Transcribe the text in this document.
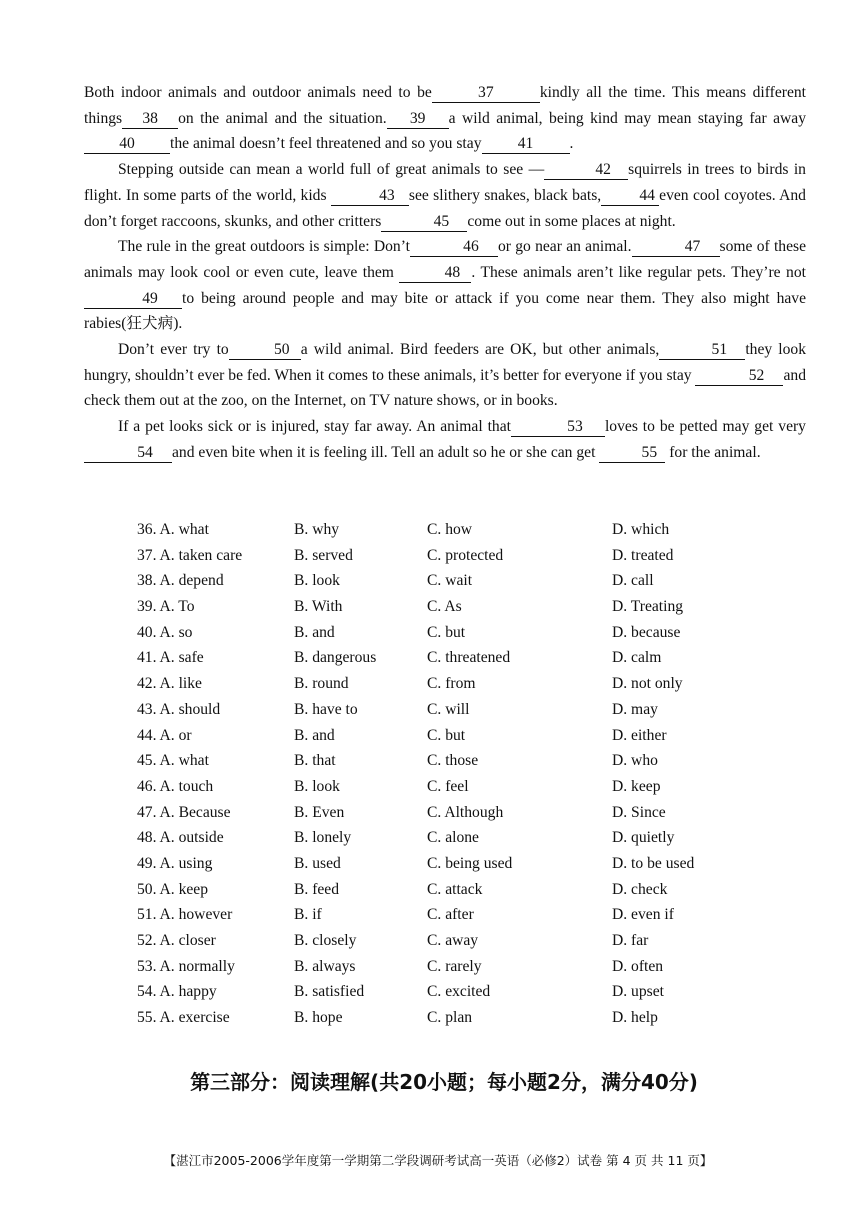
Both indoor animals and outdoor animals need to be	37	kindly all the time. This means different things 38 on the animal and the situation. 39 a wild animal, being kind may mean staying far away40 the animal doesn’t feel threatened and so you stay 41 .

Stepping outside can mean a world full of great animals to see —	42 squirrels in trees to birds in flight. In some parts of the world, kids	43 see slithery snakes, black bats, 44 even cool coyotes. And don’t forget raccoons, skunks, and other critters	45 come out in some places at night.

The rule in the great outdoors is simple: Don’t	46 or go near an animal.	47 some of these animals may look cool or even cute, leave them	48 . These animals aren’t like regular pets. They’re not49 to being around people and may bite or attack if you come near them. They also might have rabies(狂犬病).

Don’t ever try to	50 a wild animal. Bird feeders are OK, but other animals,	51 they look hungry, shouldn’t ever be fed. When it comes to these animals, it’s better for everyone if you stay	52 and check them out at the zoo, on the Internet, on TV nature shows, or in books.

If a pet looks sick or is injured, stay far away. An animal that	53 loves to be petted may get very54 and even bite when it is feeling ill. Tell an adult so he or she can get	55 for the animal.

36. A. what	B. why	C. how	D. which
37. A. taken care	B. served	C. protected	D. treated
38. A. depend	B. look	C. wait	D. call
39. A. To	B. With	C. As	D. Treating
40. A. so	B. and	C. but	D. because
41. A. safe	B. dangerous	C. threatened	D. calm
42. A. like	B. round	C. from	D. not only
43. A. should	B. have to	C. will	D. may
44. A. or	B. and	C. but	D. either
45. A. what	B. that	C. those	D. who
46. A. touch	B. look	C. feel	D. keep
47. A. Because	B. Even	C. Although	D. Since
48. A. outside	B. lonely	C. alone	D. quietly
49. A. using	B. used	C. being used	D. to be used
50. A. keep	B. feed	C. attack	D. check
51. A. however	B. if	C. after	D. even if
52. A. closer	B. closely	C. away	D. far
53. A. normally	B. always	C. rarely	D. often
54. A. happy	B. satisfied	C. excited	D. upset
55. A. exercise	B. hope	C. plan	D. help
第三部分：阅读理解(共20小题；每小题2分，满分40分)
【湛江市2005-2006学年度第一学期第二学段调研考试高一英语（必修2）试卷 第 4 页 共 11 页】
